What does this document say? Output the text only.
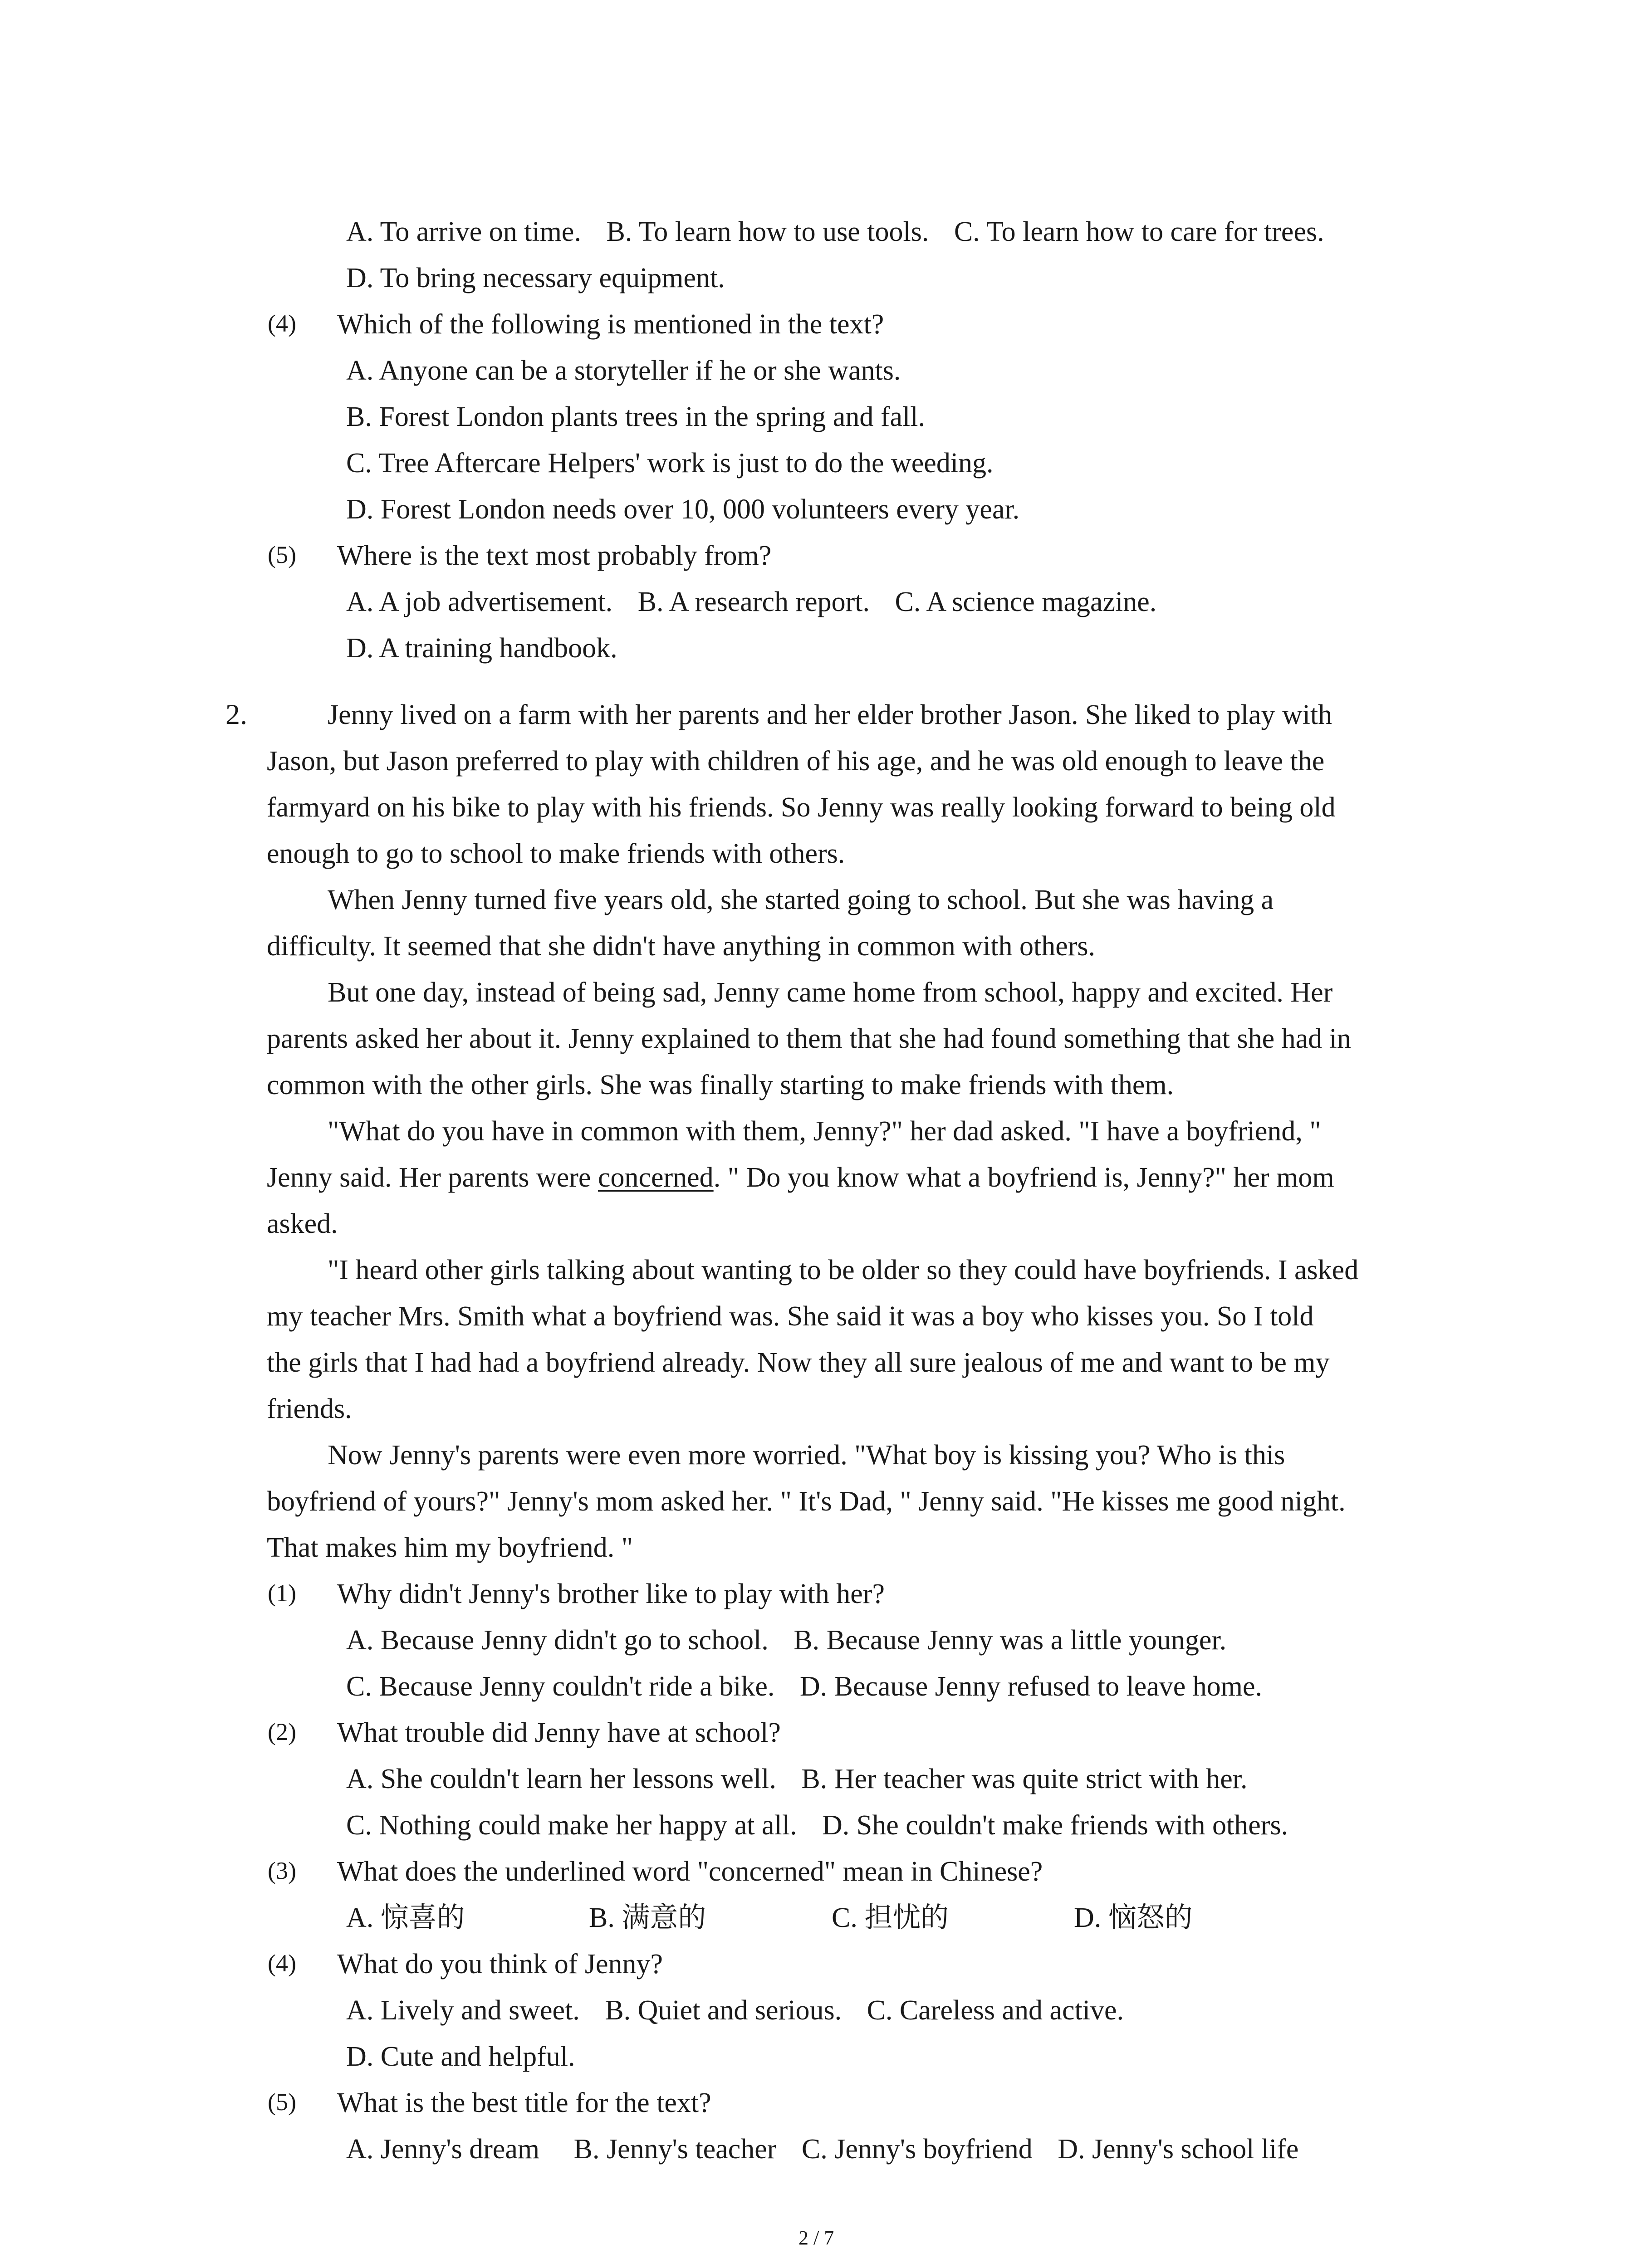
A. To arrive on time. B. To learn how to use tools. C. To learn how to care for trees.
D. To bring necessary equipment.
(4) Which of the following is mentioned in the text?
A. Anyone can be a storyteller if he or she wants.
B. Forest London plants trees in the spring and fall.
C. Tree Aftercare Helpers' work is just to do the weeding.
D. Forest London needs over 10, 000 volunteers every year.
(5) Where is the text most probably from?
A. A job advertisement. B. A research report. C. A science magazine.
D. A training handbook.
2.	Jenny lived on a farm with her parents and her elder brother Jason. She liked to play with
Jason, but Jason preferred to play with children of his age, and he was old enough to leave the
farmyard on his bike to play with his friends. So Jenny was really looking forward to being old
enough to go to school to make friends with others.
When Jenny turned five years old, she started going to school. But she was having a
difficulty. It seemed that she didn't have anything in common with others.
But one day, instead of being sad, Jenny came home from school, happy and excited. Her
parents asked her about it. Jenny explained to them that she had found something that she had in
common with the other girls. She was finally starting to make friends with them.
"What do you have in common with them, Jenny?" her dad asked. "I have a boyfriend, "
Jenny said. Her parents were concerned. " Do you know what a boyfriend is, Jenny?" her mom
asked.
"I heard other girls talking about wanting to be older so they could have boyfriends. I asked
my teacher Mrs. Smith what a boyfriend was. She said it was a boy who kisses you. So I told
the girls that I had had a boyfriend already. Now they all sure jealous of me and want to be my
friends.
Now Jenny's parents were even more worried. "What boy is kissing you? Who is this
boyfriend of yours?" Jenny's mom asked her. " It's Dad, " Jenny said. "He kisses me good night.
That makes him my boyfriend. "
(1) Why didn't Jenny's brother like to play with her?
A. Because Jenny didn't go to school. B. Because Jenny was a little younger.
C. Because Jenny couldn't ride a bike. D. Because Jenny refused to leave home.
(2) What trouble did Jenny have at school?
A. She couldn't learn her lessons well. B. Her teacher was quite strict with her.
C. Nothing could make her happy at all. D. She couldn't make friends with others.
(3) What does the underlined word "concerned" mean in Chinese?
A. 惊喜的	B. 满意的	C. 担忧的	D. 恼怒的
(4) What do you think of Jenny?
A. Lively and sweet. B. Quiet and serious. C. Careless and active.
D. Cute and helpful.
(5) What is the best title for the text?
A. Jenny's dream B. Jenny's teacher C. Jenny's boyfriend D. Jenny's school life
2 / 7
